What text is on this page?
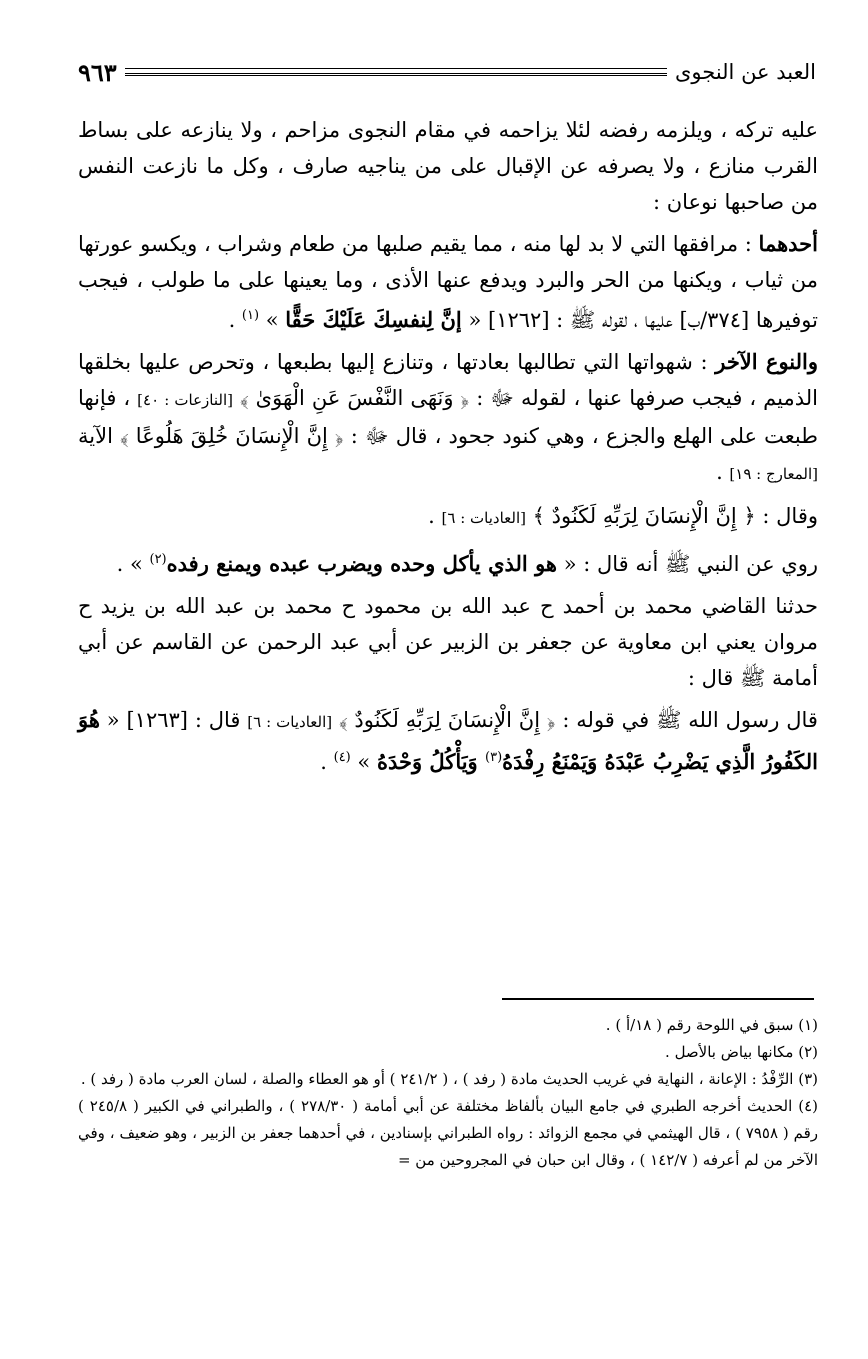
العبد عن النجوى
٩٦٣

عليه تركه ، ويلزمه رفضه لئلا يزاحمه في مقام النجوى مزاحم ، ولا ينازعه على بساط القرب منازع ، ولا يصرفه عن الإقبال على من يناجيه صارف ، وكل ما نازعت النفس من صاحبها نوعان :

أحدهما : مرافقها التي لا بد لها منه ، مما يقيم صلبها من طعام وشراب ، ويكسو عورتها من ثياب ، ويكنها من الحر والبرد ويدفع عنها الأذى ، وما يعينها على ما طولب ، فيجب توفيرها [٣٧٤/ب] عليها ، لقوله ﷺ : [١٢٦٢] « إنَّ لِنفسِكَ عَلَيْكَ حَقًّا » $^{(١)}$ .

والنوع الآخر : شهواتها التي تطالبها بعادتها ، وتنازع إليها بطبعها ، وتحرص عليها بخلقها الذميم ، فيجب صرفها عنها ، لقوله ﷻ : ﴿ وَنَهَى النَّفْسَ عَنِ الْهَوَىٰ ﴾ [النازعات : ٤٠] ، فإنها طبعت على الهلع والجزع ، وهي كنود جحود ، قال ﷻ : ﴿ إِنَّ الْإِنسَانَ خُلِقَ هَلُوعًا ﴾ الآية [المعارج : ١٩] .

وقال : ﴿ إِنَّ الْإِنسَانَ لِرَبِّهِ لَكَنُودٌ ﴾ [العاديات : ٦] .

روي عن النبي ﷺ أنه قال : « هو الذي يأكل وحده ويضرب عبده ويمنع رفده$^{(٢)}$ » .

حدثنا القاضي محمد بن أحمد ح عبد الله بن محمود ح محمد بن عبد الله بن يزيد ح مروان يعني ابن معاوية عن جعفر بن الزبير عن أبي عبد الرحمن عن القاسم عن أبي أمامة ﷺ قال :

قال رسول الله ﷺ في قوله : ﴿ إِنَّ الْإِنسَانَ لِرَبِّهِ لَكَنُودٌ ﴾ [العاديات : ٦] قال : [١٢٦٣] « هُوَ الكَفُورُ الَّذِي يَضْرِبُ عَبْدَهُ وَيَمْنَعُ رِفْدَهُ$^{(٣)}$ وَيَأْكُلُ وَحْدَهُ » $^{(٤)}$ .

(١) سبق في اللوحة رقم ( ١٨/أ ) .

(٢) مكانها بياض بالأصل .

(٣) الرِّفْدُ : الإعانة ، النهاية في غريب الحديث مادة ( رفد ) ، ( ٢٤١/٢ ) أو هو العطاء والصلة ، لسان العرب مادة ( رفد ) .

(٤) الحديث أخرجه الطبري في جامع البيان بألفاظ مختلفة عن أبي أمامة ( ٢٧٨/٣٠ ) ، والطبراني في الكبير ( ٢٤٥/٨ ) رقم ( ٧٩٥٨ ) ، قال الهيثمي في مجمع الزوائد : رواه الطبراني بإسنادين ، في أحدهما جعفر بن الزبير ، وهو ضعيف ، وفي الآخر من لم أعرفه ( ١٤٢/٧ ) ، وقال ابن حبان في المجروحين من =
